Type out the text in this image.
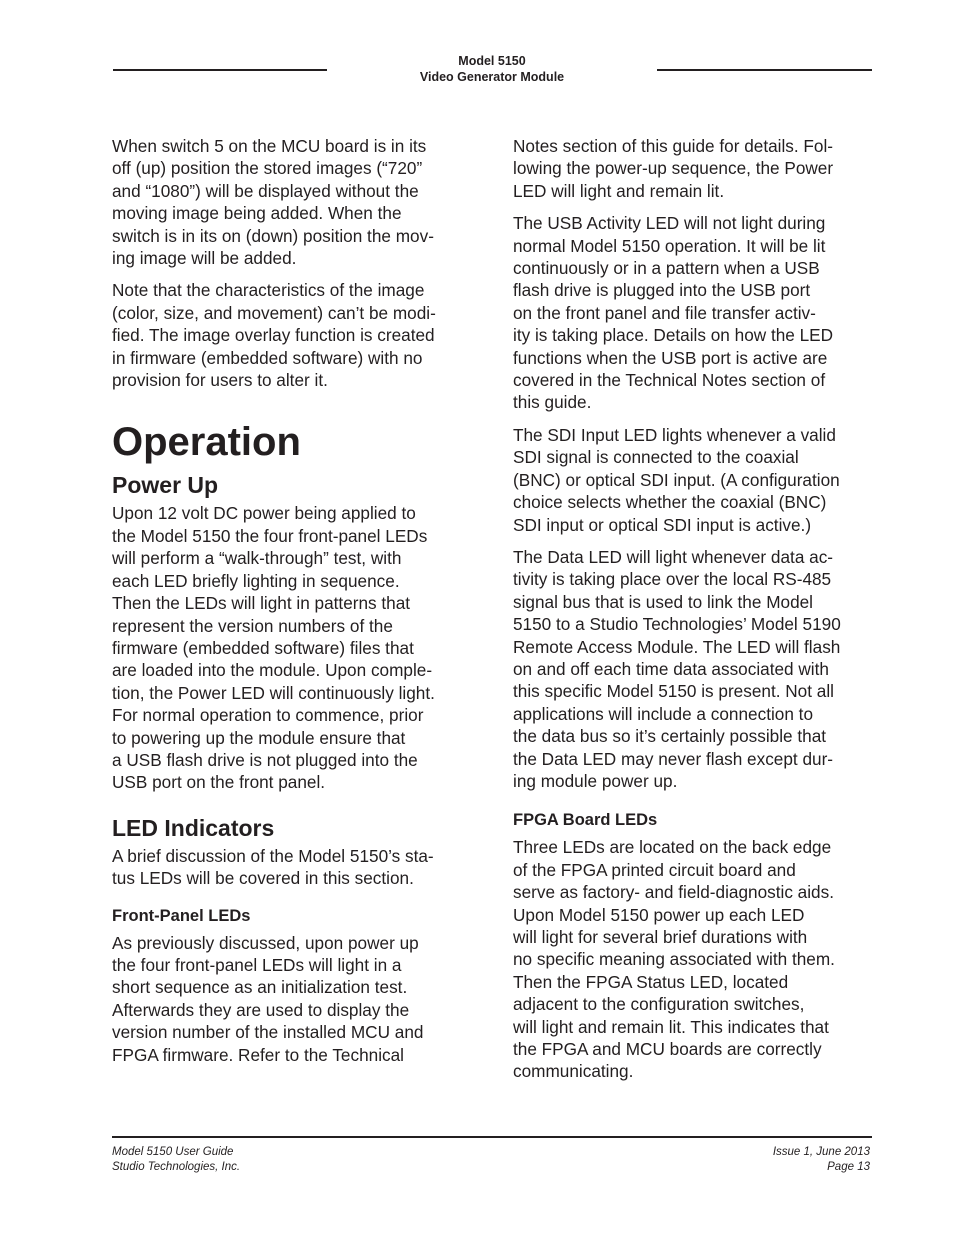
Model 5150
Video Generator Module

When switch 5 on the MCU board is in its
off (up) position the stored images (“720”
and “1080”) will be displayed without the
moving image being added. When the
switch is in its on (down) position the mov-
ing image will be added.

Note that the characteristics of the image
(color, size, and movement) can’t be modi-
fied. The image overlay function is created
in firmware (embedded software) with no
provision for users to alter it.

Operation
Power Up

Upon 12 volt DC power being applied to
the Model 5150 the four front-panel LEDs
will perform a “walk-through” test, with
each LED briefly lighting in sequence.
Then the LEDs will light in patterns that
represent the version numbers of the
firmware (embedded software) files that
are loaded into the module. Upon comple-
tion, the Power LED will continuously light.
For normal operation to commence, prior
to powering up the module ensure that
a USB flash drive is not plugged into the
USB port on the front panel.

LED Indicators

A brief discussion of the Model 5150’s sta-
tus LEDs will be covered in this section.

Front-Panel LEDs

As previously discussed, upon power up
the four front-panel LEDs will light in a
short sequence as an initialization test.
Afterwards they are used to display the
version number of the installed MCU and
FPGA firmware. Refer to the Technical

Notes section of this guide for details. Fol-
lowing the power-up sequence, the Power
LED will light and remain lit.

The USB Activity LED will not light during
normal Model 5150 operation. It will be lit
continuously or in a pattern when a USB
flash drive is plugged into the USB port
on the front panel and file transfer activ-
ity is taking place. Details on how the LED
functions when the USB port is active are
covered in the Technical Notes section of
this guide.

The SDI Input LED lights whenever a valid
SDI signal is connected to the coaxial
(BNC) or optical SDI input. (A configuration
choice selects whether the coaxial (BNC)
SDI input or optical SDI input is active.)

The Data LED will light whenever data ac-
tivity is taking place over the local RS-485
signal bus that is used to link the Model
5150 to a Studio Technologies’ Model 5190
Remote Access Module. The LED will flash
on and off each time data associated with
this specific Model 5150 is present. Not all
applications will include a connection to
the data bus so it’s certainly possible that
the Data LED may never flash except dur-
ing module power up.

FPGA Board LEDs

Three LEDs are located on the back edge
of the FPGA printed circuit board and
serve as factory- and field-diagnostic aids.
Upon Model 5150 power up each LED
will light for several brief durations with
no specific meaning associated with them.
Then the FPGA Status LED, located
adjacent to the configuration switches,
will light and remain lit. This indicates that
the FPGA and MCU boards are correctly
communicating.

Model 5150 User Guide
Studio Technologies, Inc.
Issue 1, June 2013
Page 13
